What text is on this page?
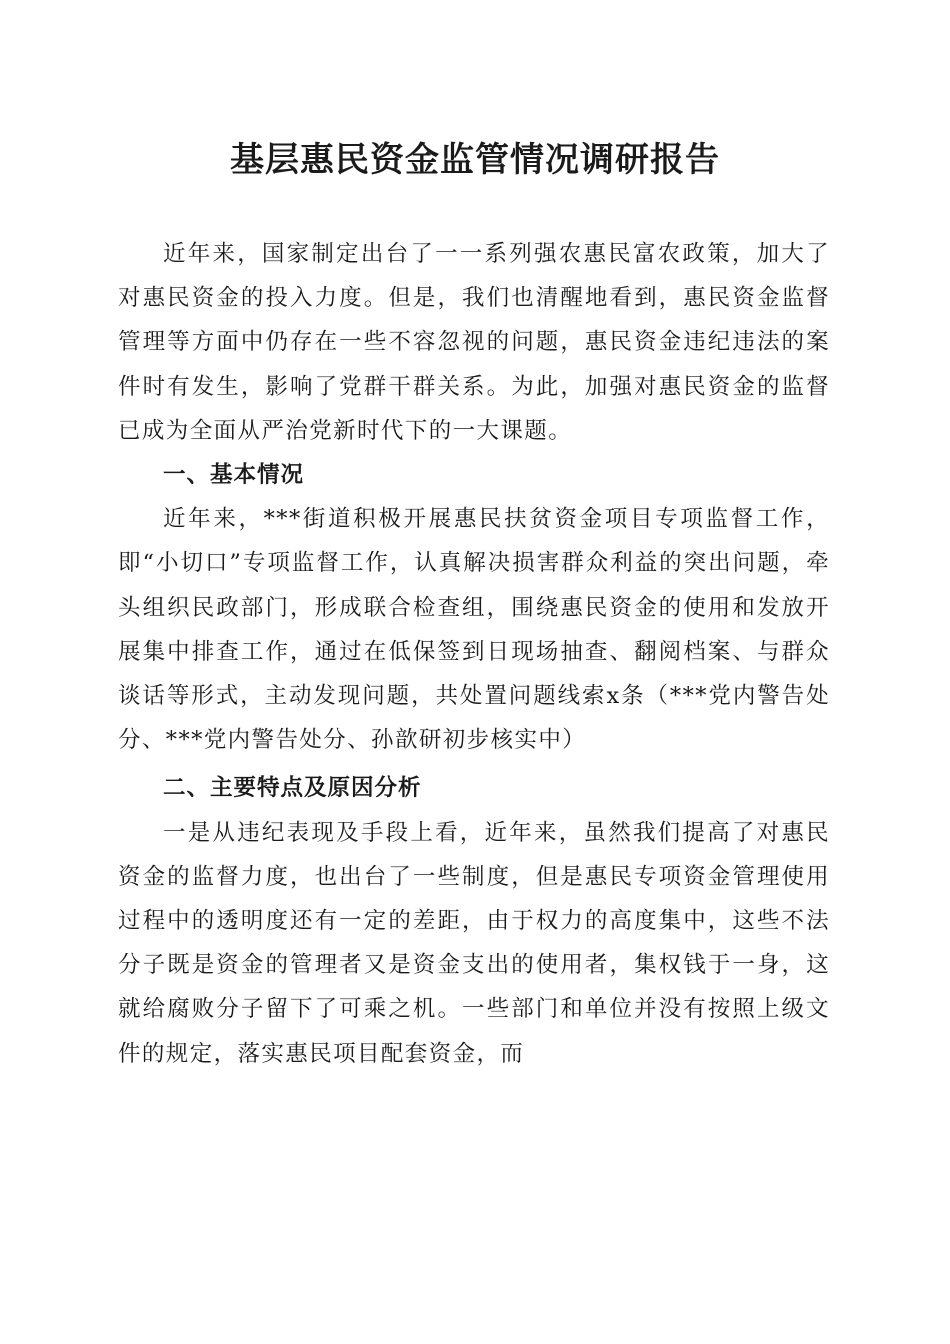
基层惠民资金监管情况调研报告

近年来，国家制定出台了一一系列强农惠民富农政策，加大了对惠民资金的投入力度。但是，我们也清醒地看到，惠民资金监督管理等方面中仍存在一些不容忽视的问题，惠民资金违纪违法的案件时有发生，影响了党群干群关系。为此，加强对惠民资金的监督已成为全面从严治党新时代下的一大课题。

一、基本情况

近年来，***街道积极开展惠民扶贫资金项目专项监督工作，即“小切口”专项监督工作，认真解决损害群众利益的突出问题，牵头组织民政部门，形成联合检查组，围绕惠民资金的使用和发放开展集中排查工作，通过在低保签到日现场抽查、翻阅档案、与群众谈话等形式，主动发现问题，共处置问题线索x条（***党内警告处分、***党内警告处分、孙歆研初步核实中）

二、主要特点及原因分析

一是从违纪表现及手段上看，近年来，虽然我们提高了对惠民资金的监督力度，也出台了一些制度，但是惠民专项资金管理使用过程中的透明度还有一定的差距，由于权力的高度集中，这些不法分子既是资金的管理者又是资金支出的使用者，集权钱于一身，这就给腐败分子留下了可乘之机。一些部门和单位并没有按照上级文件的规定，落实惠民项目配套资金，而
